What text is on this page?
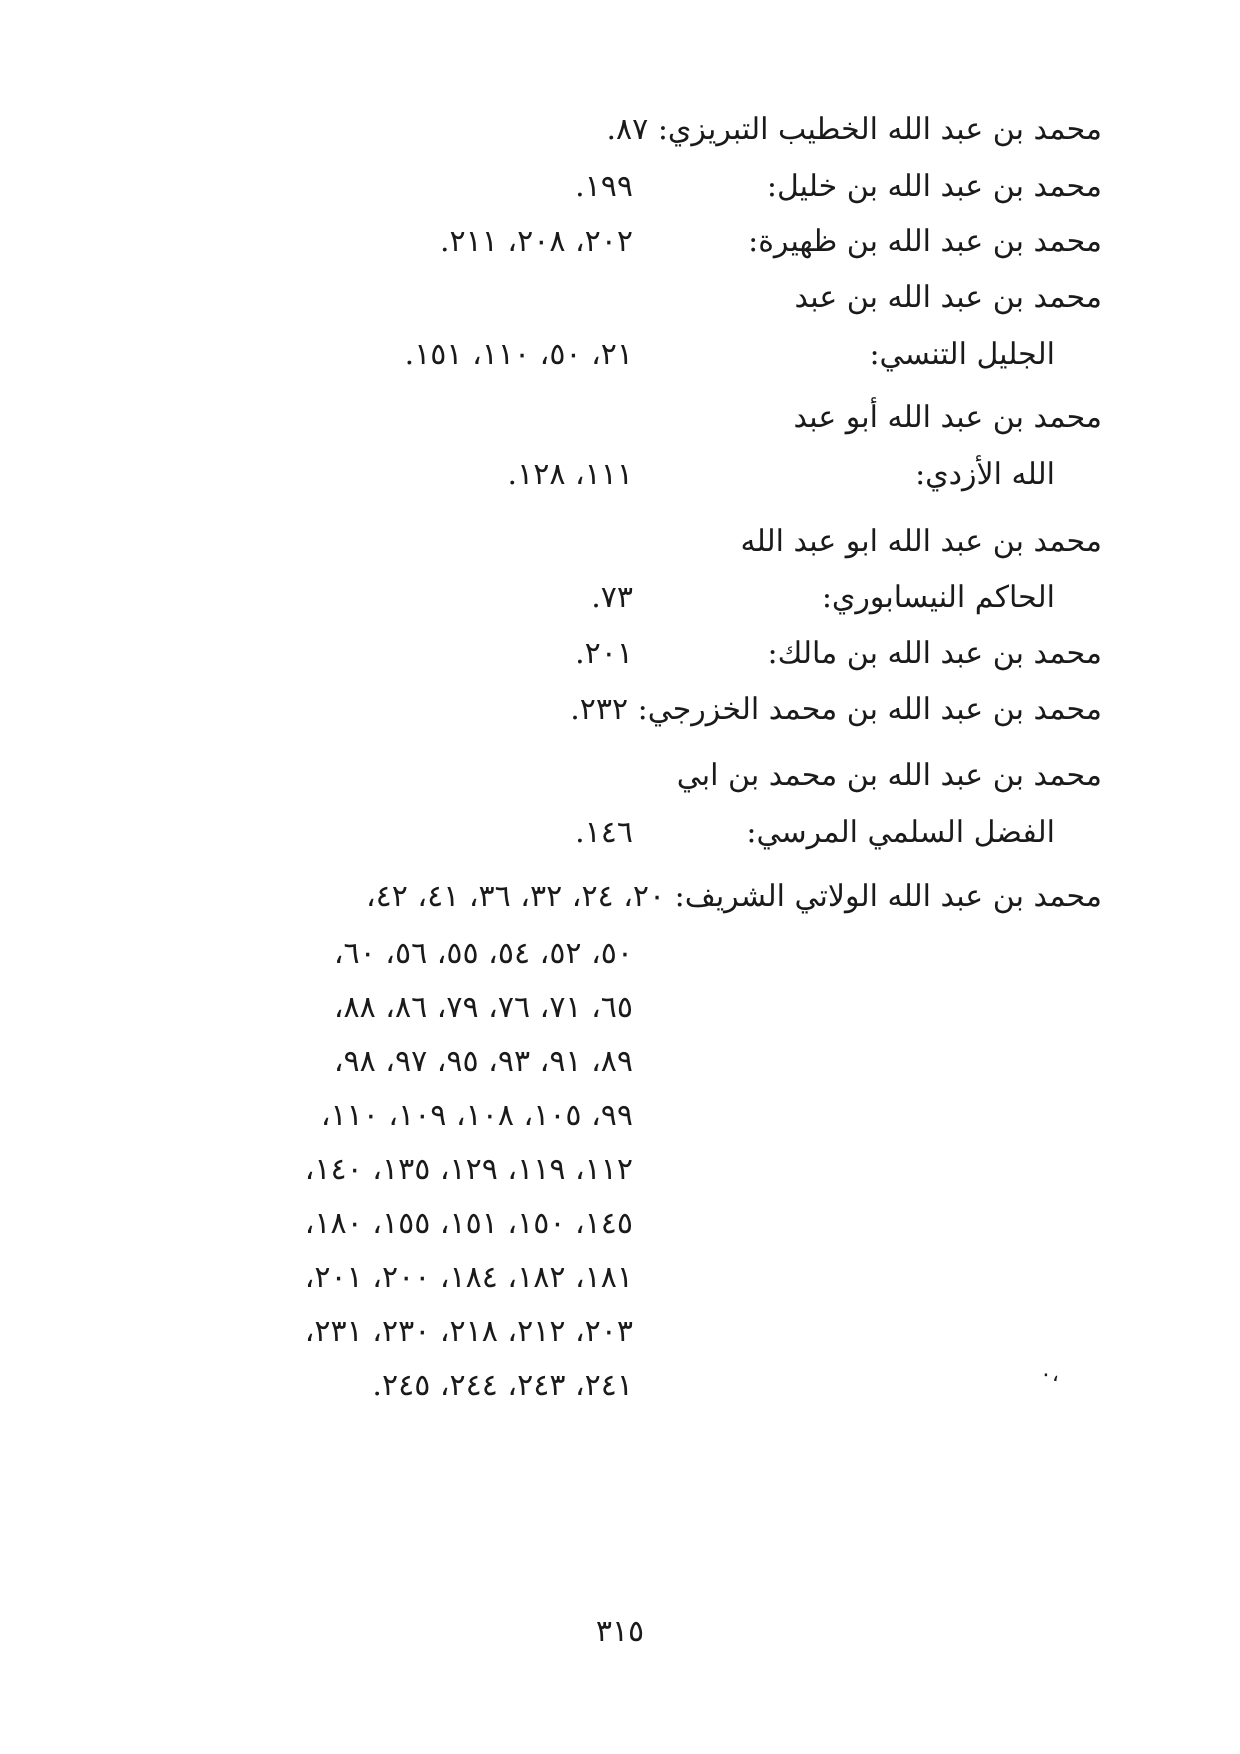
محمد بن عبد الله الخطيب التبريزي: ٨٧.
محمد بن عبد الله بن خليل:
١٩٩.
محمد بن عبد الله بن ظهيرة:
٢٠٢، ٢٠٨، ٢١١.
محمد بن عبد الله بن عبد
الجليل التنسي:
٢١، ٥٠، ١١٠، ١٥١.
محمد بن عبد الله أبو عبد
الله الأزدي:
١١١، ١٢٨.
محمد بن عبد الله ابو عبد الله
الحاكم النيسابوري:
٧٣.
محمد بن عبد الله بن مالك:
٢٠١.
محمد بن عبد الله بن محمد الخزرجي: ٢٣٢.
محمد بن عبد الله بن محمد بن ابي
الفضل السلمي المرسي:
١٤٦.
محمد بن عبد الله الولاتي الشريف: ٢٠، ٢٤، ٣٢، ٣٦، ٤١، ٤٢،
٥٠، ٥٢، ٥٤، ٥٥، ٥٦، ٦٠،
٦٥، ٧١، ٧٦، ٧٩، ٨٦، ٨٨،
٨٩، ٩١، ٩٣، ٩٥، ٩٧، ٩٨،
٩٩، ١٠٥، ١٠٨، ١٠٩، ١١٠،
١١٢، ١١٩، ١٢٩، ١٣٥، ١٤٠،
١٤٥، ١٥٠، ١٥١، ١٥٥، ١٨٠،
١٨١، ١٨٢، ١٨٤، ٢٠٠، ٢٠١،
٢٠٣، ٢١٢، ٢١٨، ٢٣٠، ٢٣١،
٢٤١، ٢٤٣، ٢٤٤، ٢٤٥.	٠،
٣١٥
